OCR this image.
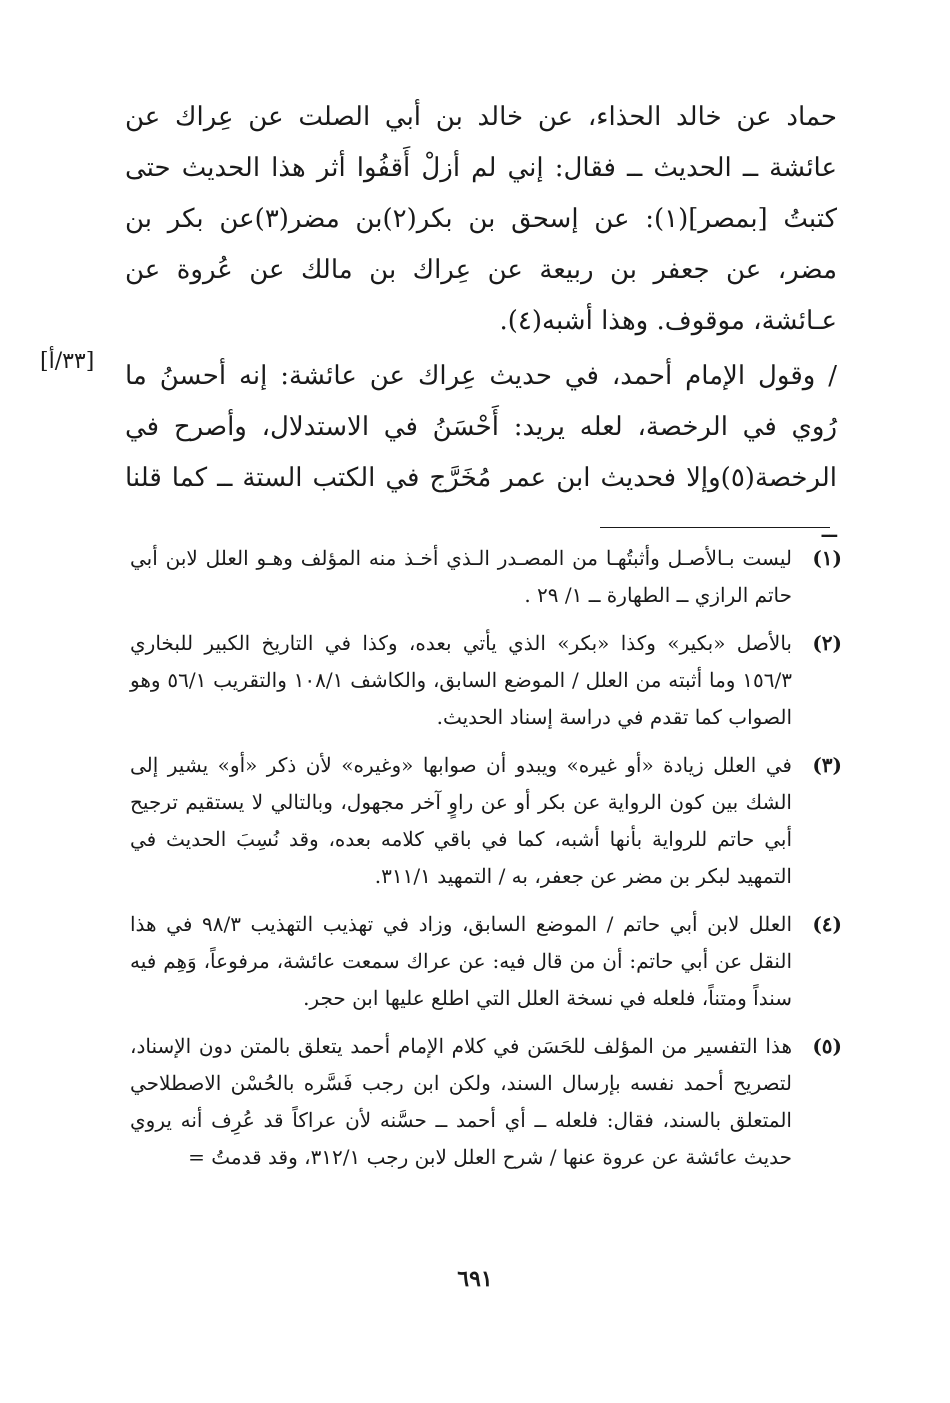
حماد عن خالد الحذاء، عن خالد بن أبي الصلت عن عِراك عن عائشة ــ الحديث ــ فقال: إني لم أزلْ أَقفُوا أثر هذا الحديث حتى كتبتُ [بمصر](١): عن إسحق بن بكر(٢)بن مضر(٣)عن بكر بن مضر، عن جعفر بن ربيعة عن عِراك بن مالك عن عُروة عن عـائشة، موقوف. وهذا أشبه(٤).

/ وقول الإمام أحمد، في حديث عِراك عن عائشة: إنه أحسنُ ما رُوي في الرخصة، لعله يريد: أَحْسَنُ في الاستدلال، وأصرح في الرخصة(٥)وإلا فحديث ابن عمر مُخَرَّج في الكتب الستة ــ كما قلنا ــ

[٣٣/أ]
(١)
ليست بـالأصـل وأثبتُهـا من المصـدر الـذي أخـذ منه المؤلف وهـو العلل لابن أبي حاتم الرازي ــ الطهارة ــ ١/ ٢٩ .
(٢)
بالأصل «بكير» وكذا «بكر» الذي يأتي بعده، وكذا في التاريخ الكبير للبخاري ١٥٦/٣ وما أثبته من العلل / الموضع السابق، والكاشف ١٠٨/١ والتقريب ٥٦/١ وهو الصواب كما تقدم في دراسة إسناد الحديث.
(٣)
في العلل زيادة «أو غيره» ويبدو أن صوابها «وغيره» لأن ذكر «أو» يشير إلى الشك بين كون الرواية عن بكر أو عن راوٍ آخر مجهول، وبالتالي لا يستقيم ترجيح أبي حاتم للرواية بأنها أشبه، كما في باقي كلامه بعده، وقد نُسِبَ الحديث في التمهيد لبكر بن مضر عن جعفر، به / التمهيد ٣١١/١.
(٤)
العلل لابن أبي حاتم / الموضع السابق، وزاد في تهذيب التهذيب ٩٨/٣ في هذا النقل عن أبي حاتم: أن من قال فيه: عن عراك سمعت عائشة، مرفوعاً، وَهِم فيه سنداً ومتناً، فلعله في نسخة العلل التي اطلع عليها ابن حجر.
(٥)
هذا التفسير من المؤلف للحَسَن في كلام الإمام أحمد يتعلق بالمتن دون الإسناد، لتصريح أحمد نفسه بإرسال السند، ولكن ابن رجب فَسَّره بالحُسْن الاصطلاحي المتعلق بالسند، فقال: فلعله ــ أي أحمد ــ حسَّنه لأن عراكاً قد عُرِف أنه يروي حديث عائشة عن عروة عنها / شرح العلل لابن رجب ٣١٢/١، وقد قدمتُ =
٦٩١
